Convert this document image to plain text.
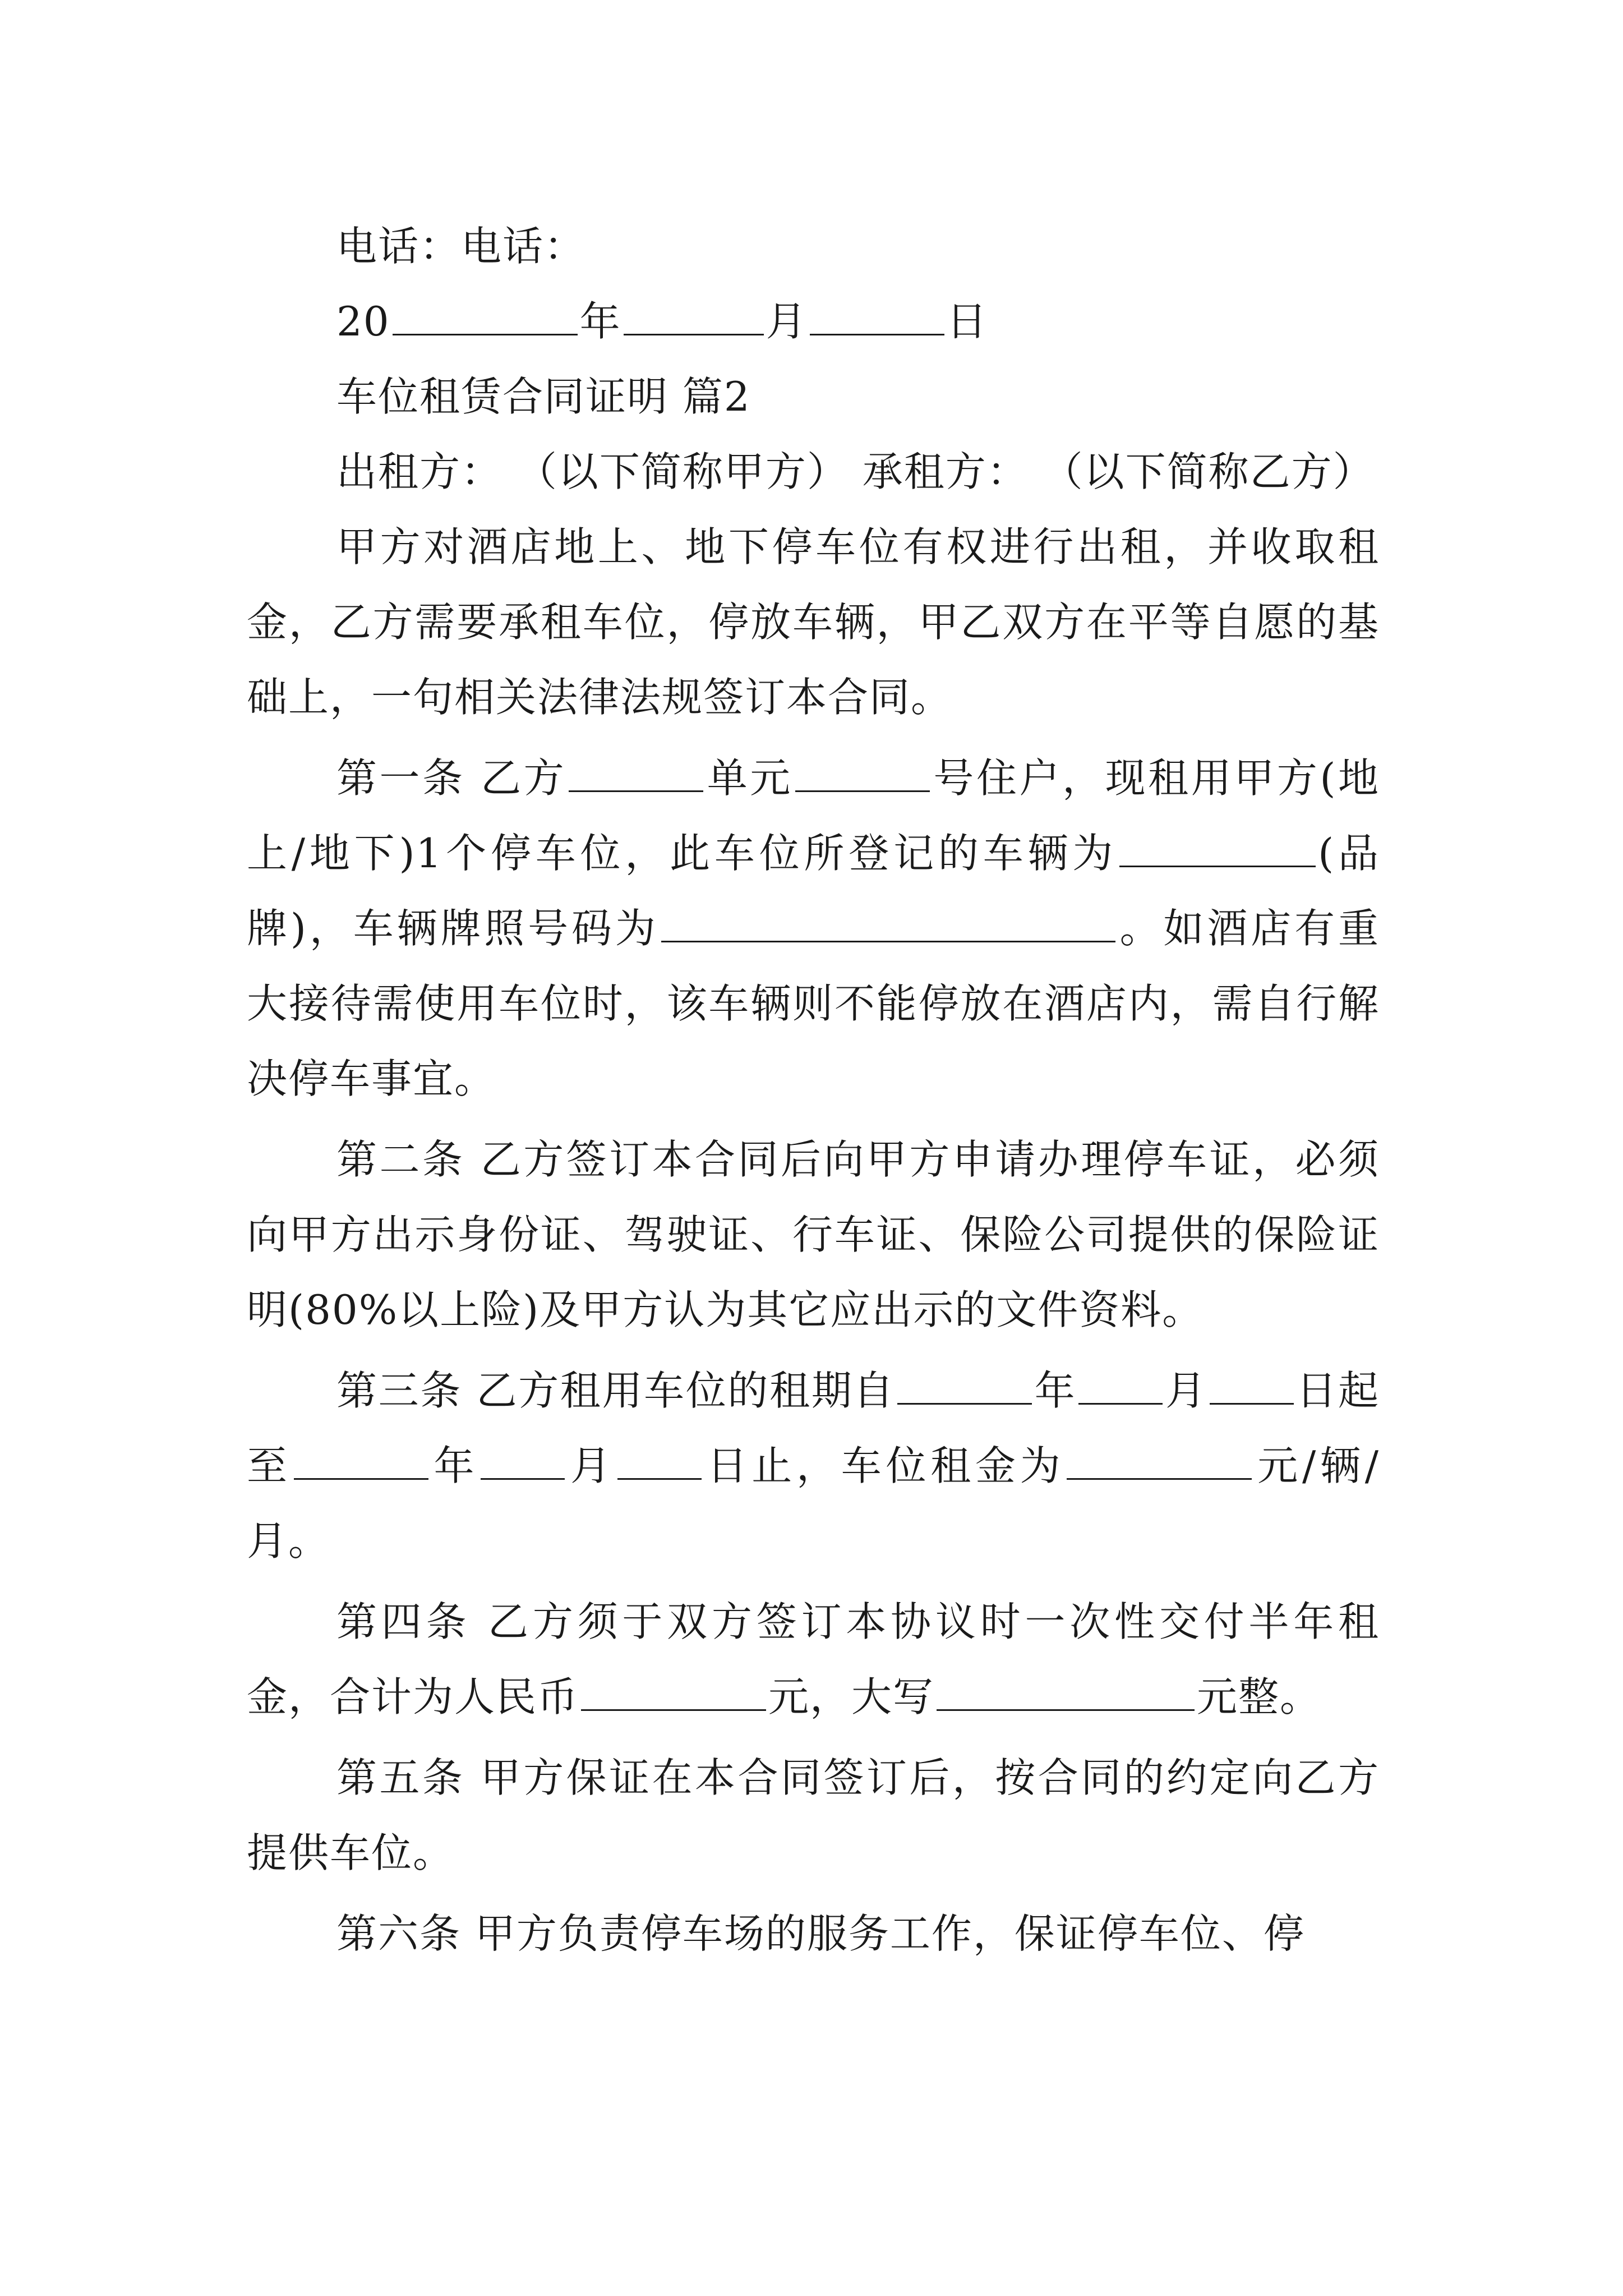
电话：电话：
20	年	月	日
车位租赁合同证明 篇2
出租方： （以下简称甲方） 承租方： （以下简称乙方）
甲方对酒店地上、地下停车位有权进行出租，并收取租金，乙方需要承租车位，停放车辆，甲乙双方在平等自愿的基础上，一句相关法律法规签订本合同。
第一条 乙方	单元	号住户，现租用甲方(地上/地下)1个停车位，此车位所登记的车辆为	(品牌)，车辆牌照号码为	。如酒店有重大接待需使用车位时，该车辆则不能停放在酒店内，需自行解决停车事宜。
第二条 乙方签订本合同后向甲方申请办理停车证，必须向甲方出示身份证、驾驶证、行车证、保险公司提供的保险证明(80%以上险)及甲方认为其它应出示的文件资料。
第三条 乙方租用车位的租期自	年 月 日起至	年 月 日止，车位租金为	元/辆/月。
第四条 乙方须于双方签订本协议时一次性交付半年租金，合计为人民币	元，大写	元整。
第五条 甲方保证在本合同签订后，按合同的约定向乙方提供车位。
第六条 甲方负责停车场的服务工作，保证停车位、停
